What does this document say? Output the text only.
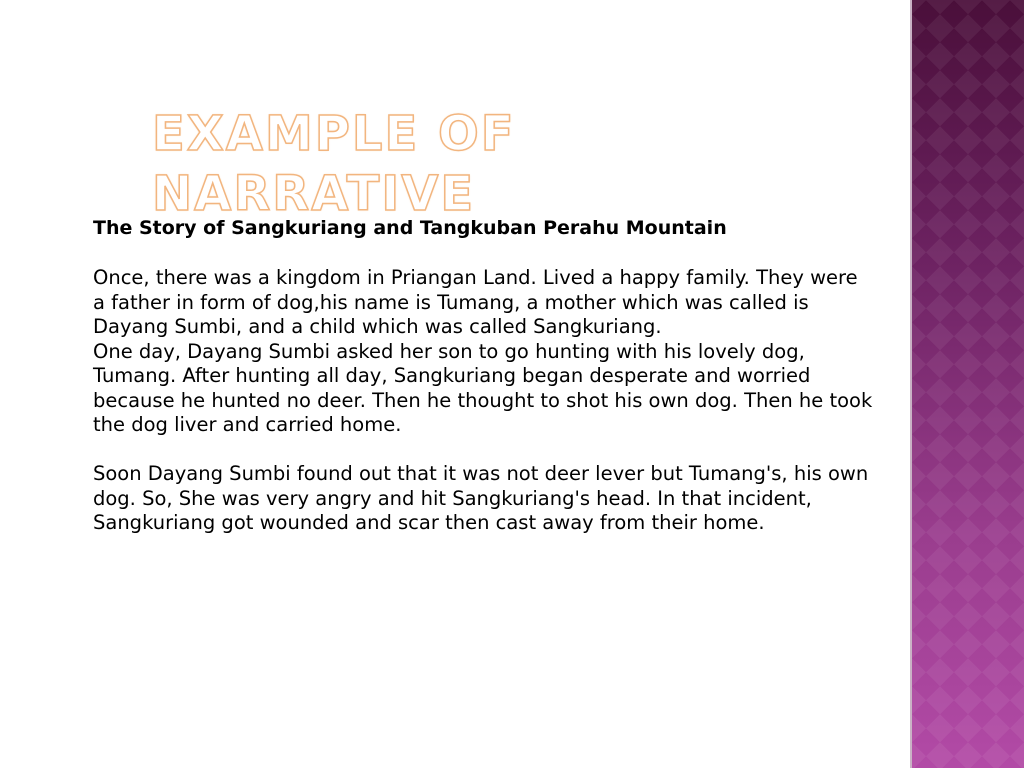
EXAMPLE OF NARRATIVE

The Story of Sangkuriang and Tangkuban Perahu Mountain

Once, there was a kingdom in Priangan Land. Lived a happy family. They were a father in form of dog,his name is Tumang, a mother which was called is Dayang Sumbi, and a child which was called Sangkuriang.

One day, Dayang Sumbi asked her son to go hunting with his lovely dog, Tumang. After hunting all day, Sangkuriang began desperate and worried because he hunted no deer. Then he thought to shot his own dog. Then he took the dog liver and carried home.

Soon Dayang Sumbi found out that it was not deer lever but Tumang's, his own dog. So, She was very angry and hit Sangkuriang's head. In that incident, Sangkuriang got wounded and scar then cast away from their home.
